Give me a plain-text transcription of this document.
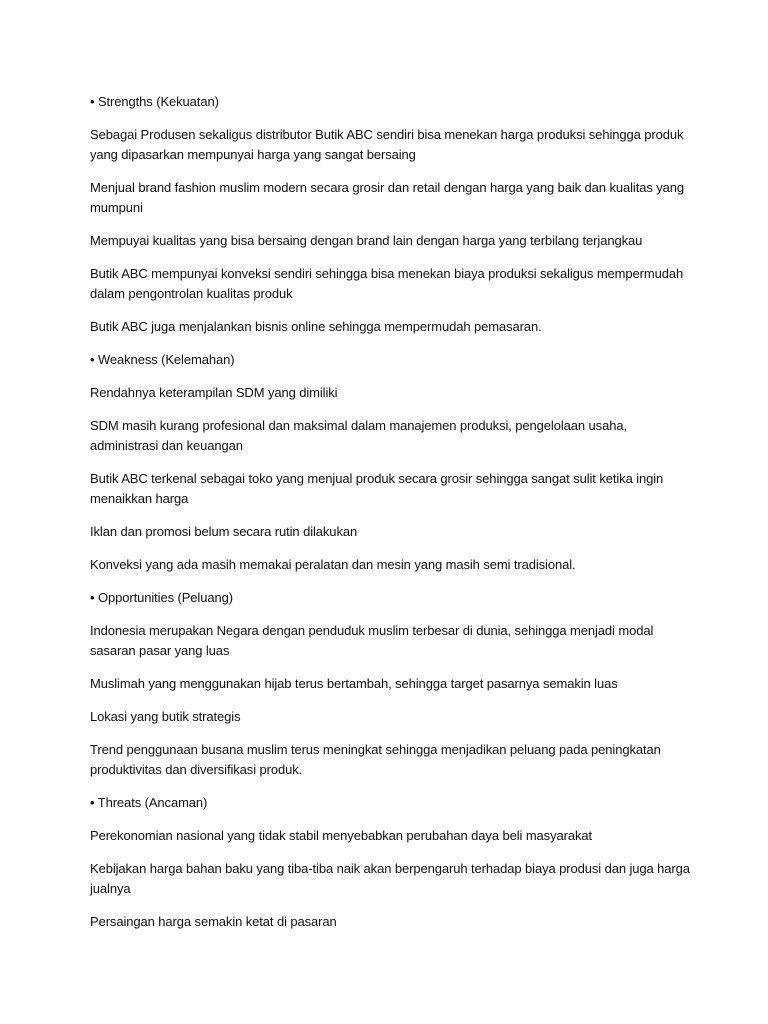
• Strengths (Kekuatan)

Sebagai Produsen sekaligus distributor Butik ABC sendiri bisa menekan harga produksi sehingga produk yang dipasarkan mempunyai harga yang sangat bersaing

Menjual brand fashion muslim modern secara grosir dan retail dengan harga yang baik dan kualitas yang mumpuni

Mempuyai kualitas yang bisa bersaing dengan brand lain dengan harga yang terbilang terjangkau

Butik ABC mempunyai konveksi sendiri sehingga bisa menekan biaya produksi sekaligus mempermudah dalam pengontrolan kualitas produk

Butik ABC juga menjalankan bisnis online sehingga mempermudah pemasaran.

• Weakness (Kelemahan)

Rendahnya keterampilan SDM yang dimiliki

SDM masih kurang profesional dan maksimal dalam manajemen produksi, pengelolaan usaha, administrasi dan keuangan

Butik ABC terkenal sebagai toko yang menjual produk secara grosir sehingga sangat sulit ketika ingin menaikkan harga

Iklan dan promosi belum secara rutin dilakukan

Konveksi yang ada masih memakai peralatan dan mesin yang masih semi tradisional.

• Opportunities (Peluang)

Indonesia merupakan Negara dengan penduduk muslim terbesar di dunia, sehingga menjadi modal sasaran pasar yang luas

Muslimah yang menggunakan hijab terus bertambah, sehingga target pasarnya semakin luas

Lokasi yang butik strategis

Trend penggunaan busana muslim terus meningkat sehingga menjadikan peluang pada peningkatan produktivitas dan diversifikasi produk.

• Threats (Ancaman)

Perekonomian nasional yang tidak stabil menyebabkan perubahan daya beli masyarakat

Kebijakan harga bahan baku yang tiba-tiba naik akan berpengaruh terhadap biaya produsi dan juga harga jualnya

Persaingan harga semakin ketat di pasaran
